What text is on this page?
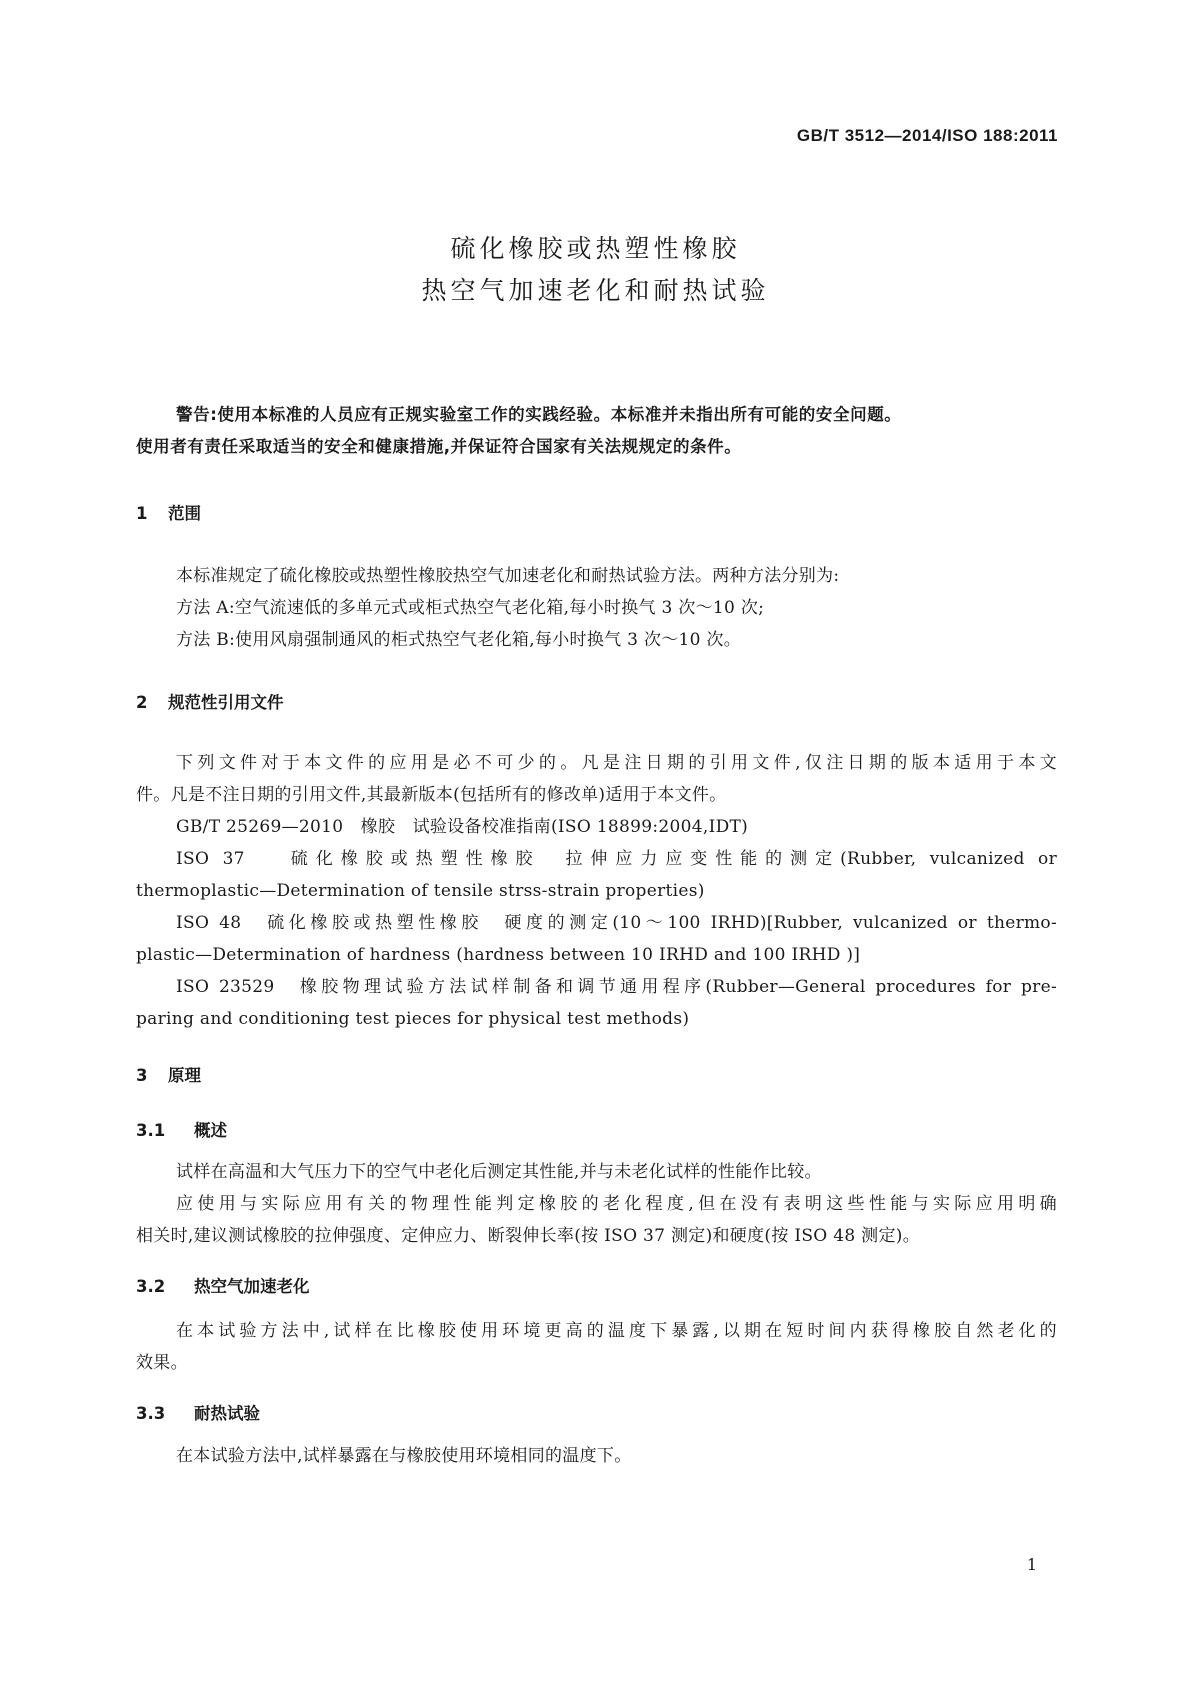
GB/T 3512—2014/ISO 188:2011
硫化橡胶或热塑性橡胶
热空气加速老化和耐热试验
警告:使用本标准的人员应有正规实验室工作的实践经验。本标准并未指出所有可能的安全问题。
使用者有责任采取适当的安全和健康措施,并保证符合国家有关法规规定的条件。
1 范围
本标准规定了硫化橡胶或热塑性橡胶热空气加速老化和耐热试验方法。两种方法分别为:
方法 A:空气流速低的多单元式或柜式热空气老化箱,每小时换气 3 次～10 次;
方法 B:使用风扇强制通风的柜式热空气老化箱,每小时换气 3 次～10 次。
2 规范性引用文件
下列文件对于本文件的应用是必不可少的。凡是注日期的引用文件,仅注日期的版本适用于本文
件。凡是不注日期的引用文件,其最新版本(包括所有的修改单)适用于本文件。
GB/T 25269—2010　橡胶　试验设备校准指南(ISO 18899:2004,IDT)
ISO 37　 硫化橡胶或热塑性橡胶　拉伸应力应变性能的测定(Rubber, vulcanized or
thermoplastic—Determination of tensile strss-strain properties)
ISO 48　硫化橡胶或热塑性橡胶　硬度的测定(10～100 IRHD)[Rubber, vulcanized or thermo-
plastic—Determination of hardness (hardness between 10 IRHD and 100 IRHD )]
ISO 23529　橡胶物理试验方法试样制备和调节通用程序(Rubber—General procedures for pre-
paring and conditioning test pieces for physical test methods)
3 原理
3.1 概述
试样在高温和大气压力下的空气中老化后测定其性能,并与未老化试样的性能作比较。
应使用与实际应用有关的物理性能判定橡胶的老化程度,但在没有表明这些性能与实际应用明确
相关时,建议测试橡胶的拉伸强度、定伸应力、断裂伸长率(按 ISO 37 测定)和硬度(按 ISO 48 测定)。
3.2 热空气加速老化
在本试验方法中,试样在比橡胶使用环境更高的温度下暴露,以期在短时间内获得橡胶自然老化的
效果。
3.3 耐热试验
在本试验方法中,试样暴露在与橡胶使用环境相同的温度下。
1
